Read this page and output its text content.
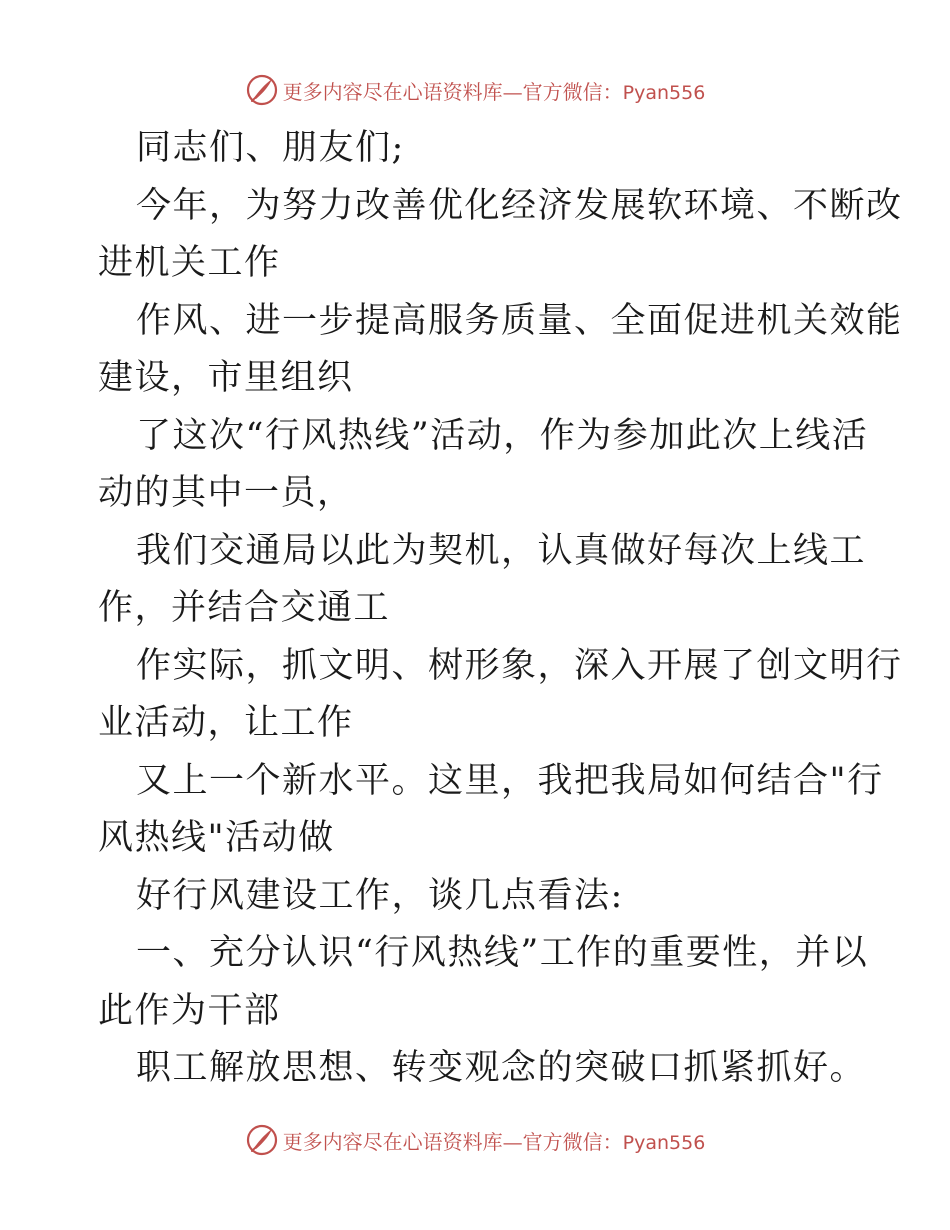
更多内容尽在心语资料库—官方微信：Pyan556
同志们、朋友们;
今年，为努力改善优化经济发展软环境、不断改
进机关工作
作风、进一步提高服务质量、全面促进机关效能
建设，市里组织
了这次“行风热线”活动，作为参加此次上线活
动的其中一员，
我们交通局以此为契机，认真做好每次上线工
作，并结合交通工
作实际，抓文明、树形象，深入开展了创文明行
业活动，让工作
又上一个新水平。这里，我把我局如何结合"行
风热线"活动做
好行风建设工作，谈几点看法:
一、充分认识“行风热线”工作的重要性，并以
此作为干部
职工解放思想、转变观念的突破口抓紧抓好。
更多内容尽在心语资料库—官方微信：Pyan556
